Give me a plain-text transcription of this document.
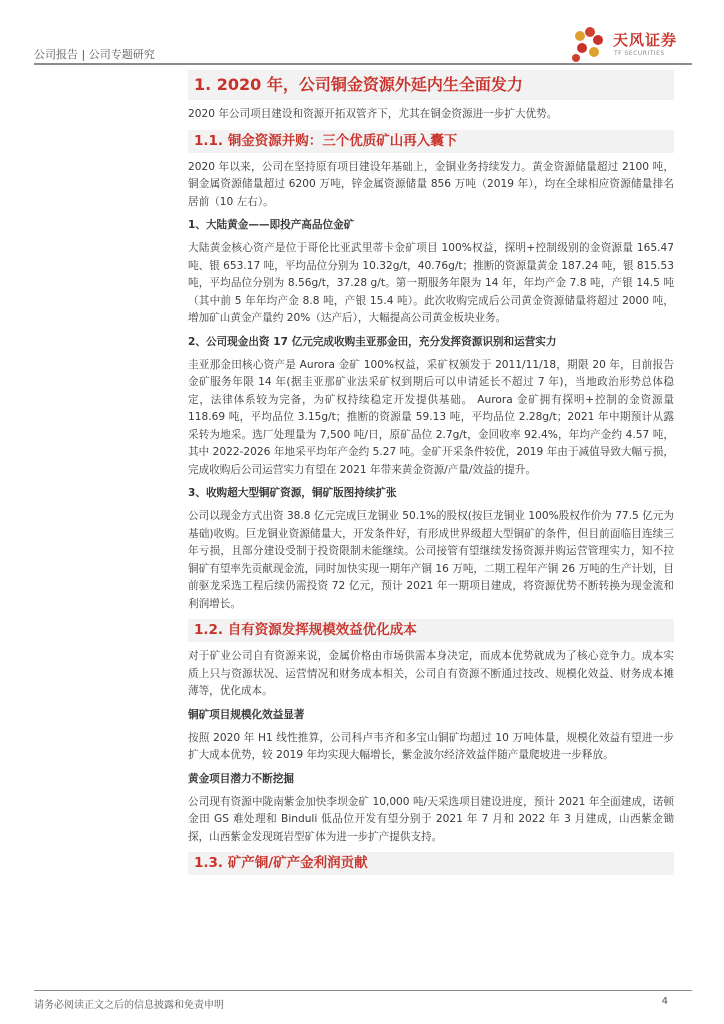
公司报告 | 公司专题研究
天风证券
TF SECURITIES
1. 2020 年，公司铜金资源外延内生全面发力

2020 年公司项目建设和资源开拓双管齐下，尤其在铜金资源进一步扩大优势。

1.1. 铜金资源并购：三个优质矿山再入囊下

2020 年以来，公司在坚持原有项目建设年基础上，金铜业务持续发力。黄金资源储量超过 2100 吨，铜金属资源储量超过 6200 万吨，锌金属资源储量 856 万吨（2019 年），均在全球相应资源储量排名居前（10 左右）。

1、大陆黄金——即投产高品位金矿

大陆黄金核心资产是位于哥伦比亚武里蒂卡金矿项目 100%权益，探明+控制级别的金资源量 165.47 吨、银 653.17 吨，平均品位分别为 10.32g/t，40.76g/t；推断的资源量黄金 187.24 吨，银 815.53 吨，平均品位分别为 8.56g/t，37.28 g/t。第一期服务年限为 14 年，年均产金 7.8 吨，产银 14.5 吨（其中前 5 年年均产金 8.8 吨，产银 15.4 吨）。此次收购完成后公司黄金资源储量将超过 2000 吨，增加矿山黄金产量约 20%（达产后），大幅提高公司黄金板块业务。

2、公司现金出资 17 亿元完成收购圭亚那金田，充分发挥资源识别和运营实力

圭亚那金田核心资产是 Aurora 金矿 100%权益，采矿权颁发于 2011/11/18，期限 20 年，目前报告金矿服务年限 14 年(据圭亚那矿业法采矿权到期后可以申请延长不超过 7 年)，当地政治形势总体稳定，法律体系较为完备，为矿权持续稳定开发提供基础。 Aurora 金矿拥有探明+控制的金资源量 118.69 吨，平均品位 3.15g/t；推断的资源量 59.13 吨，平均品位 2.28g/t；2021 年中期预计从露采转为地采。选厂处理量为 7,500 吨/日，原矿品位 2.7g/t，金回收率 92.4%，年均产金约 4.57 吨，其中 2022-2026 年地采平均年产金约 5.27 吨。金矿开采条件较优，2019 年由于减值导致大幅亏损，完成收购后公司运营实力有望在 2021 年带来黄金资源/产量/效益的提升。

3、收购超大型铜矿资源，铜矿版图持续扩张

公司以现金方式出资 38.8 亿元完成巨龙铜业 50.1%的股权(按巨龙铜业 100%股权作价为 77.5 亿元为基础)收购。巨龙铜业资源储量大，开发条件好，有形成世界级超大型铜矿的条件，但目前面临目连续三年亏损，且部分建设受制于投资限制未能继续。公司接管有望继续发扬资源并购运营管理实力，知不拉铜矿有望率先贡献现金流，同时加快实现一期年产铜 16 万吨，二期工程年产铜 26 万吨的生产计划，目前驱龙采选工程后续仍需投资 72 亿元，预计 2021 年一期项目建成，将资源优势不断转换为现金流和利润增长。

1.2. 自有资源发挥规模效益优化成本

对于矿业公司自有资源来说，金属价格由市场供需本身决定，而成本优势就成为了核心竞争力。成本实质上只与资源状况、运营情况和财务成本相关，公司自有资源不断通过技改、规模化效益、财务成本摊薄等，优化成本。

铜矿项目规模化效益显著

按照 2020 年 H1 线性推算，公司科卢韦齐和多宝山铜矿均超过 10 万吨体量，规模化效益有望进一步扩大成本优势，较 2019 年均实现大幅增长，紫金波尔经济效益伴随产量爬坡进一步释放。

黄金项目潜力不断挖掘

公司现有资源中陇南紫金加快李坝金矿 10,000 吨/天采选项目建设进度，预计 2021 年全面建成，诺顿金田 GS 难处理和 Binduli 低品位开发有望分别于 2021 年 7 月和 2022 年 3 月建成，山西紫金锄探，山西紫金发现斑岩型矿体为进一步扩产提供支持。

1.3. 矿产铜/矿产金利润贡献
请务必阅读正文之后的信息披露和免责申明	4
